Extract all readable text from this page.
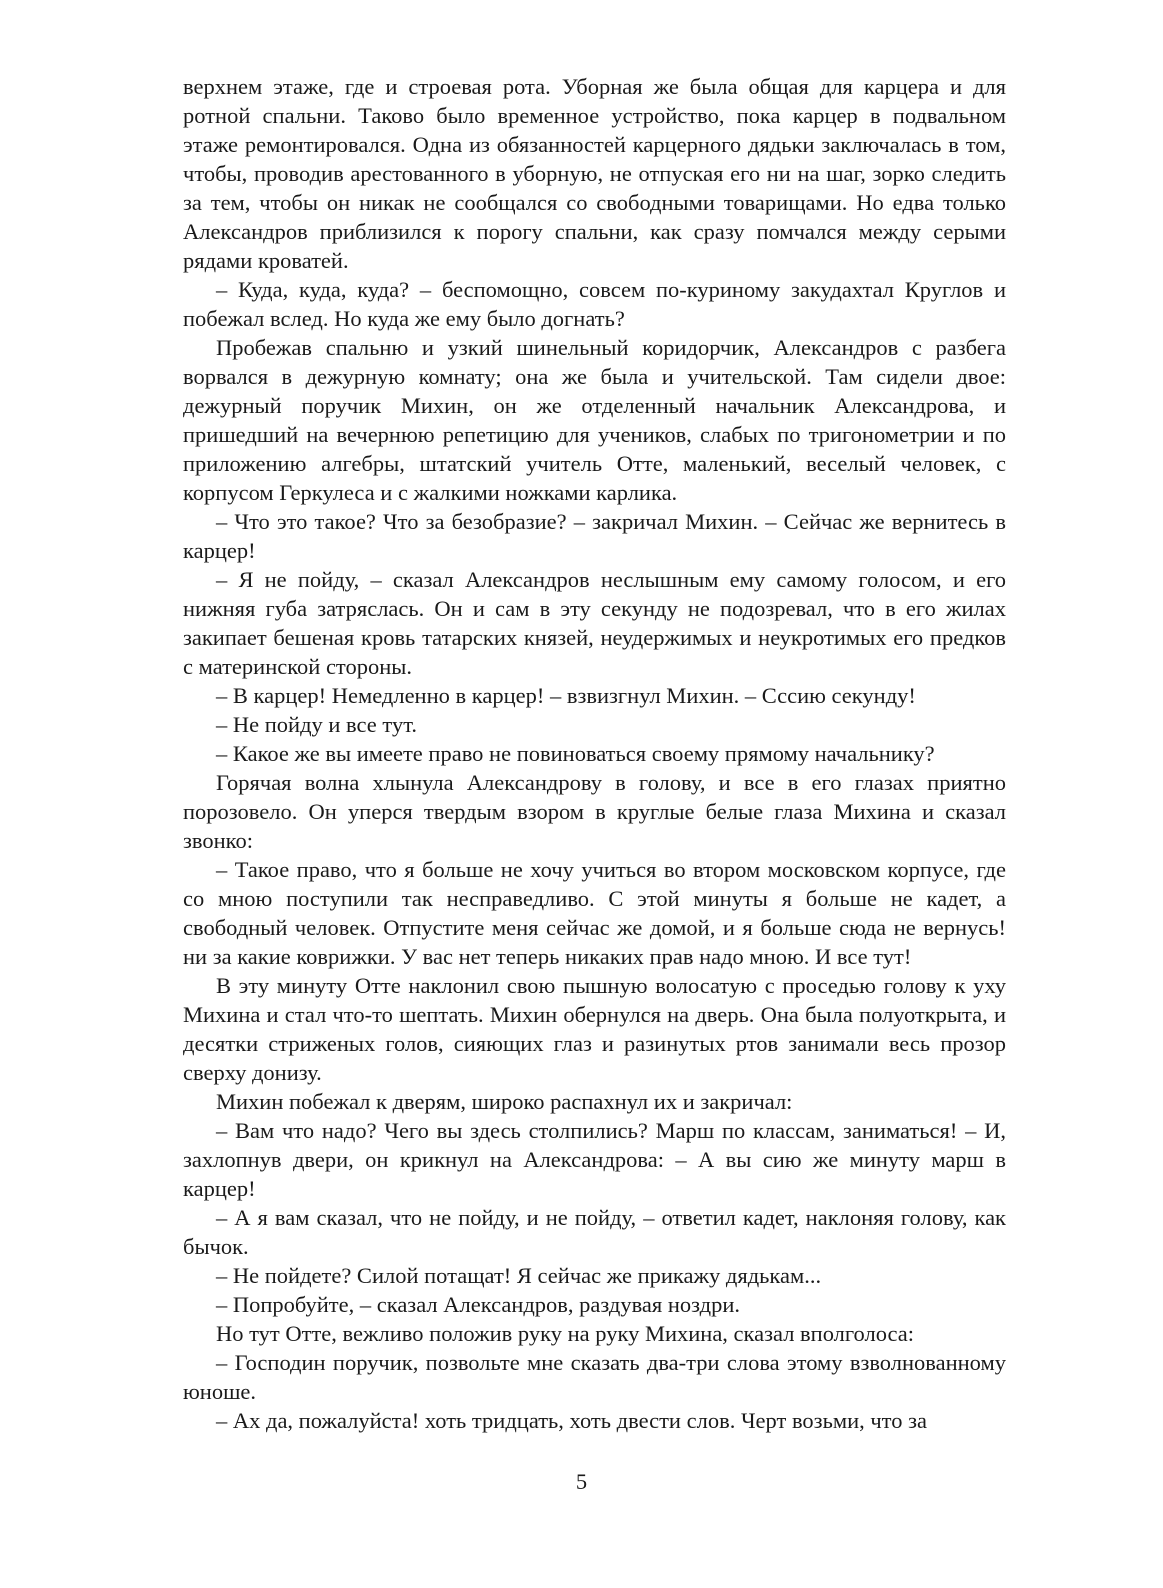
верхнем этаже, где и строевая рота. Уборная же была общая для карцера и для ротной спальни. Таково было временное устройство, пока карцер в подвальном этаже ремонтировался. Одна из обязанностей карцерного дядьки заключалась в том, чтобы, проводив арестованного в уборную, не отпуская его ни на шаг, зорко следить за тем, чтобы он никак не сообщался со свободными товарищами. Но едва только Александров приблизился к порогу спальни, как сразу помчался между серыми рядами кроватей.

– Куда, куда, куда? – беспомощно, совсем по-куриному закудахтал Круглов и побежал вслед. Но куда же ему было догнать?

Пробежав спальню и узкий шинельный коридорчик, Александров с разбега ворвался в дежурную комнату; она же была и учительской. Там сидели двое: дежурный поручик Михин, он же отделенный начальник Александрова, и пришедший на вечернюю репетицию для учеников, слабых по тригонометрии и по приложению алгебры, штатский учитель Отте, маленький, веселый человек, с корпусом Геркулеса и с жалкими ножками карлика.

– Что это такое? Что за безобразие? – закричал Михин. – Сейчас же вернитесь в карцер!

– Я не пойду, – сказал Александров неслышным ему самому голосом, и его нижняя губа затряслась. Он и сам в эту секунду не подозревал, что в его жилах закипает бешеная кровь татарских князей, неудержимых и неукротимых его предков с материнской стороны.

– В карцер! Немедленно в карцер! – взвизгнул Михин. – Сссию секунду!

– Не пойду и все тут.

– Какое же вы имеете право не повиноваться своему прямому начальнику?

Горячая волна хлынула Александрову в голову, и все в его глазах приятно порозовело. Он уперся твердым взором в круглые белые глаза Михина и сказал звонко:

– Такое право, что я больше не хочу учиться во втором московском корпусе, где со мною поступили так несправедливо. С этой минуты я больше не кадет, а свободный человек. Отпустите меня сейчас же домой, и я больше сюда не вернусь! ни за какие коврижки. У вас нет теперь никаких прав надо мною. И все тут!

В эту минуту Отте наклонил свою пышную волосатую с проседью голову к уху Михина и стал что-то шептать. Михин обернулся на дверь. Она была полуоткрыта, и десятки стриженых голов, сияющих глаз и разинутых ртов занимали весь прозор сверху донизу.

Михин побежал к дверям, широко распахнул их и закричал:

– Вам что надо? Чего вы здесь столпились? Марш по классам, заниматься! – И, захлопнув двери, он крикнул на Александрова: – А вы сию же минуту марш в карцер!

– А я вам сказал, что не пойду, и не пойду, – ответил кадет, наклоняя голову, как бычок.

– Не пойдете? Силой потащат! Я сейчас же прикажу дядькам...

– Попробуйте, – сказал Александров, раздувая ноздри.

Но тут Отте, вежливо положив руку на руку Михина, сказал вполголоса:

– Господин поручик, позвольте мне сказать два-три слова этому взволнованному юноше.

– Ах да, пожалуйста! хоть тридцать, хоть двести слов. Черт возьми, что за

5
